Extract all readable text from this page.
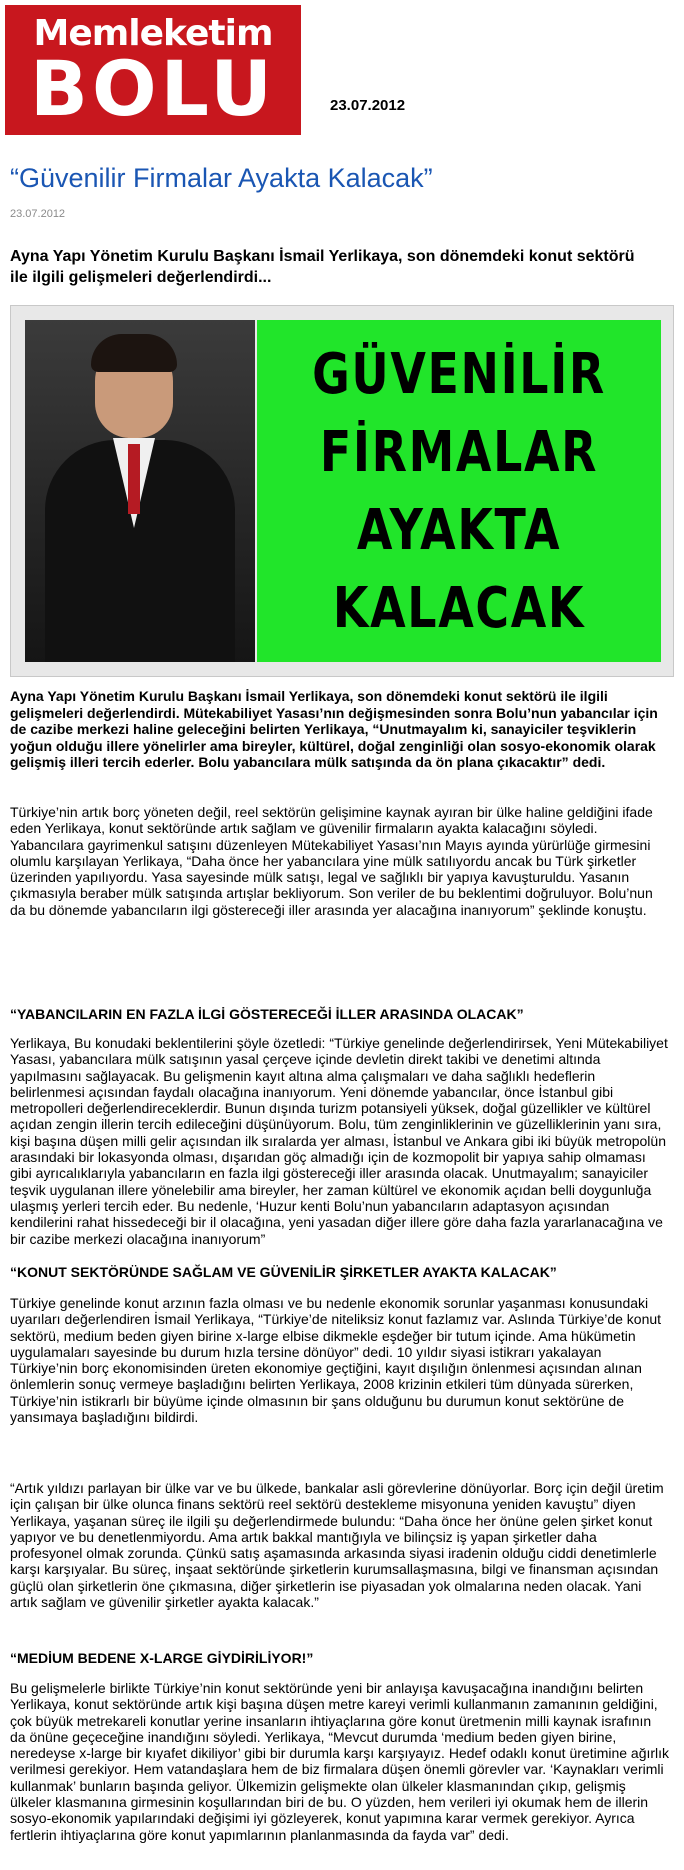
Memleketim
BOLU	23.07.2012
“Güvenilir Firmalar Ayakta Kalacak”
23.07.2012
Ayna Yapı Yönetim Kurulu Başkanı İsmail Yerlikaya, son dönemdeki konut sektörü ile ilgili gelişmeleri değerlendirdi...
GÜVENİLİR
FİRMALAR
AYAKTA
KALACAK
Ayna Yapı Yönetim Kurulu Başkanı İsmail Yerlikaya, son dönemdeki konut sektörü ile ilgili gelişmeleri değerlendirdi. Mütekabiliyet Yasası’nın değişmesinden sonra Bolu’nun yabancılar için de cazibe merkezi haline geleceğini belirten Yerlikaya, “Unutmayalım ki, sanayiciler teşviklerin yoğun olduğu illere yönelirler ama bireyler, kültürel, doğal zenginliği olan sosyo-ekonomik olarak gelişmiş illeri tercih ederler. Bolu yabancılara mülk satışında da ön plana çıkacaktır” dedi.
Türkiye’nin artık borç yöneten değil, reel sektörün gelişimine kaynak ayıran bir ülke haline geldiğini ifade eden Yerlikaya, konut sektöründe artık sağlam ve güvenilir firmaların ayakta kalacağını söyledi. Yabancılara gayrimenkul satışını düzenleyen Mütekabiliyet Yasası’nın Mayıs ayında yürürlüğe girmesini olumlu karşılayan Yerlikaya, “Daha önce her yabancılara yine mülk satılıyordu ancak bu Türk şirketler üzerinden yapılıyordu. Yasa sayesinde mülk satışı, legal ve sağlıklı bir yapıya kavuşturuldu. Yasanın çıkmasıyla beraber mülk satışında artışlar bekliyorum. Son veriler de bu beklentimi doğruluyor. Bolu’nun da bu dönemde yabancıların ilgi göstereceği iller arasında yer alacağına inanıyorum” şeklinde konuştu.
“YABANCILARIN EN FAZLA İLGİ GÖSTERECEĞİ İLLER ARASINDA OLACAK”
Yerlikaya, Bu konudaki beklentilerini şöyle özetledi: “Türkiye genelinde değerlendirirsek, Yeni Mütekabiliyet Yasası, yabancılara mülk satışının yasal çerçeve içinde devletin direkt takibi ve denetimi altında yapılmasını sağlayacak. Bu gelişmenin kayıt altına alma çalışmaları ve daha sağlıklı hedeflerin belirlenmesi açısından faydalı olacağına inanıyorum. Yeni dönemde yabancılar, önce İstanbul gibi metropolleri değerlendireceklerdir. Bunun dışında turizm potansiyeli yüksek, doğal güzellikler ve kültürel açıdan zengin illerin tercih edileceğini düşünüyorum. Bolu, tüm zenginliklerinin ve güzelliklerinin yanı sıra, kişi başına düşen milli gelir açısından ilk sıralarda yer alması, İstanbul ve Ankara gibi iki büyük metropolün arasındaki bir lokasyonda olması, dışarıdan göç almadığı için de kozmopolit bir yapıya sahip olmaması gibi ayrıcalıklarıyla yabancıların en fazla ilgi göstereceği iller arasında olacak. Unutmayalım; sanayiciler teşvik uygulanan illere yönelebilir ama bireyler, her zaman kültürel ve ekonomik açıdan belli doygunluğa ulaşmış yerleri tercih eder. Bu nedenle, ‘Huzur kenti Bolu’nun yabancıların adaptasyon açısından kendilerini rahat hissedeceği bir il olacağına, yeni yasadan diğer illere göre daha fazla yararlanacağına ve bir cazibe merkezi olacağına inanıyorum”
“KONUT SEKTÖRÜNDE SAĞLAM VE GÜVENİLİR ŞİRKETLER AYAKTA KALACAK”
Türkiye genelinde konut arzının fazla olması ve bu nedenle ekonomik sorunlar yaşanması konusundaki uyarıları değerlendiren İsmail Yerlikaya, “Türkiye’de niteliksiz konut fazlamız var. Aslında Türkiye’de konut sektörü, medium beden giyen birine x-large elbise dikmekle eşdeğer bir tutum içinde. Ama hükümetin uygulamaları sayesinde bu durum hızla tersine dönüyor” dedi. 10 yıldır siyasi istikrarı yakalayan Türkiye’nin borç ekonomisinden üreten ekonomiye geçtiğini, kayıt dışılığın önlenmesi açısından alınan önlemlerin sonuç vermeye başladığını belirten Yerlikaya, 2008 krizinin etkileri tüm dünyada sürerken, Türkiye’nin istikrarlı bir büyüme içinde olmasının bir şans olduğunu bu durumun konut sektörüne de yansımaya başladığını bildirdi.
“Artık yıldızı parlayan bir ülke var ve bu ülkede, bankalar asli görevlerine dönüyorlar. Borç için değil üretim için çalışan bir ülke olunca finans sektörü reel sektörü destekleme misyonuna yeniden kavuştu” diyen Yerlikaya, yaşanan süreç ile ilgili şu değerlendirmede bulundu: “Daha önce her önüne gelen şirket konut yapıyor ve bu denetlenmiyordu. Ama artık bakkal mantığıyla ve bilinçsiz iş yapan şirketler daha profesyonel olmak zorunda. Çünkü satış aşamasında arkasında siyasi iradenin olduğu ciddi denetimlerle karşı karşıyalar. Bu süreç, inşaat sektöründe şirketlerin kurumsallaşmasına, bilgi ve finansman açısından güçlü olan şirketlerin öne çıkmasına, diğer şirketlerin ise piyasadan yok olmalarına neden olacak. Yani artık sağlam ve güvenilir şirketler ayakta kalacak.”
“MEDİUM BEDENE X-LARGE GİYDİRİLİYOR!”
Bu gelişmelerle birlikte Türkiye’nin konut sektöründe yeni bir anlayışa kavuşacağına inandığını belirten Yerlikaya, konut sektöründe artık kişi başına düşen metre kareyi verimli kullanmanın zamanının geldiğini, çok büyük metrekareli konutlar yerine insanların ihtiyaçlarına göre konut üretmenin milli kaynak israfının da önüne geçeceğine inandığını söyledi. Yerlikaya, “Mevcut durumda ‘medium beden giyen birine, neredeyse x-large bir kıyafet dikiliyor’ gibi bir durumla karşı karşıyayız. Hedef odaklı konut üretimine ağırlık verilmesi gerekiyor. Hem vatandaşlara hem de biz firmalara düşen önemli görevler var. ‘Kaynakları verimli kullanmak’ bunların başında geliyor. Ülkemizin gelişmekte olan ülkeler klasmanından çıkıp, gelişmiş ülkeler klasmanına girmesinin koşullarından biri de bu. O yüzden, hem verileri iyi okumak hem de illerin sosyo-ekonomik yapılarındaki değişimi iyi gözleyerek, konut yapımına karar vermek gerekiyor. Ayrıca fertlerin ihtiyaçlarına göre konut yapımlarının planlanmasında da fayda var” dedi.
